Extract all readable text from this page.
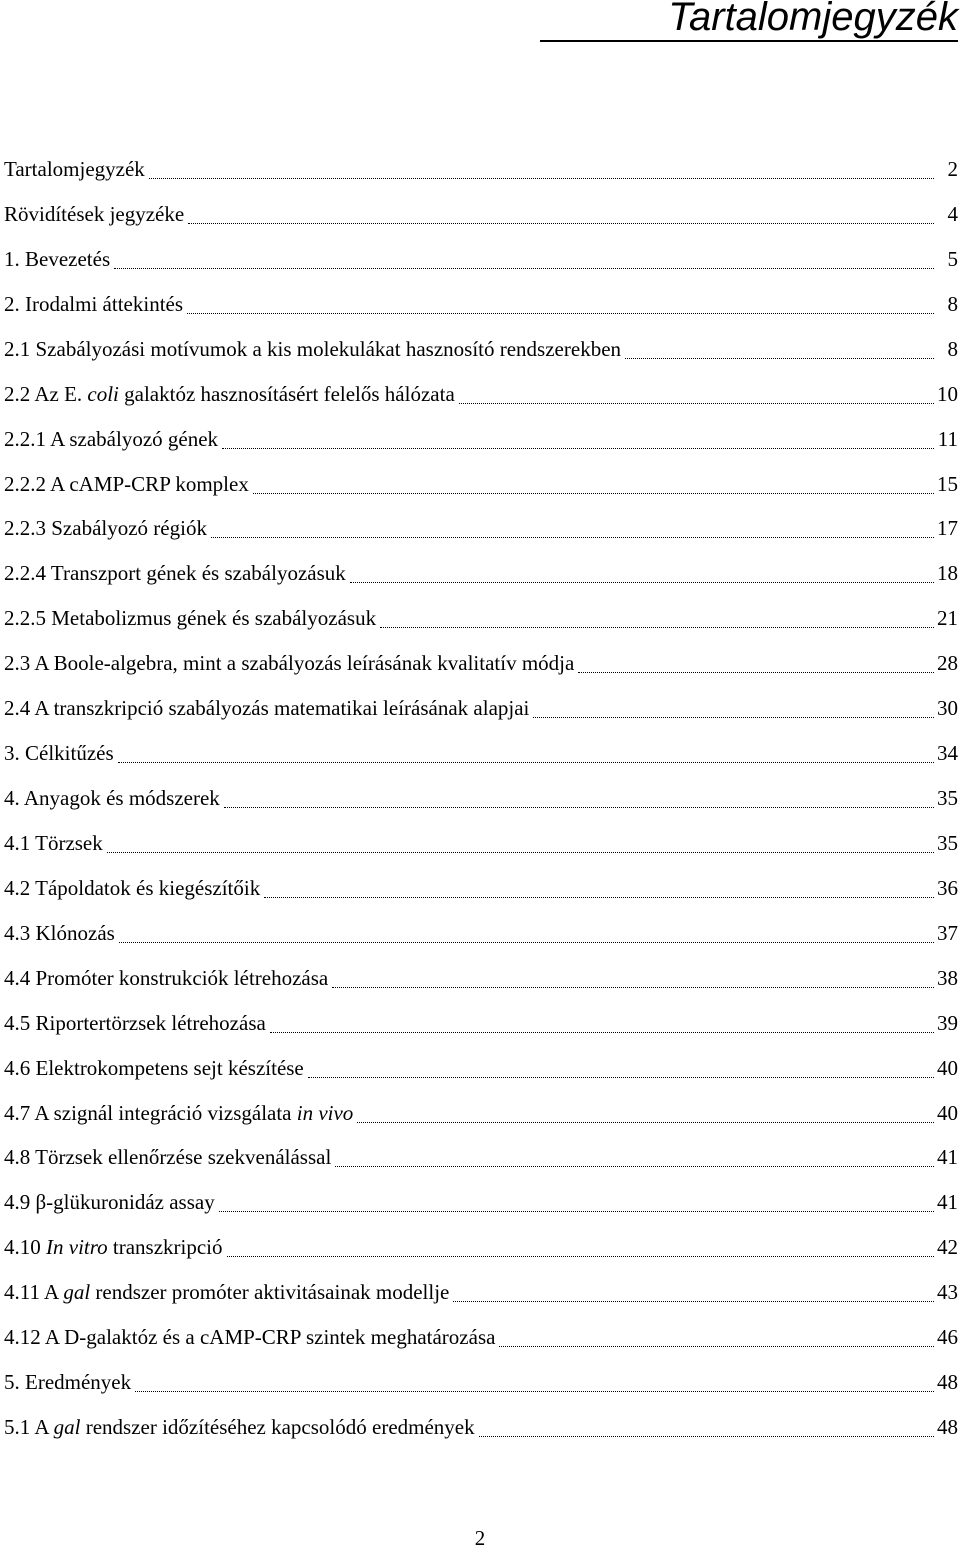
Tartalomjegyzék
Tartalomjegyzék	2
Rövidítések jegyzéke	4
1. Bevezetés	5
2. Irodalmi áttekintés	8
2.1 Szabályozási motívumok a kis molekulákat hasznosító rendszerekben	8
2.2 Az E. coli galaktóz hasznosításért felelős hálózata	10
2.2.1 A szabályozó gének	11
2.2.2 A cAMP-CRP komplex	15
2.2.3 Szabályozó régiók	17
2.2.4 Transzport gének és szabályozásuk	18
2.2.5 Metabolizmus gének és szabályozásuk	21
2.3 A Boole-algebra, mint a szabályozás leírásának kvalitatív módja	28
2.4 A transzkripció szabályozás matematikai leírásának alapjai	30
3. Célkitűzés	34
4. Anyagok és módszerek	35
4.1 Törzsek	35
4.2 Tápoldatok és kiegészítőik	36
4.3 Klónozás	37
4.4 Promóter konstrukciók létrehozása	38
4.5 Riportertörzsek létrehozása	39
4.6 Elektrokompetens sejt készítése	40
4.7 A szignál integráció vizsgálata in vivo	40
4.8 Törzsek ellenőrzése szekvenálással	41
4.9 β-glükuronidáz assay	41
4.10 In vitro transzkripció	42
4.11 A gal rendszer promóter aktivitásainak modellje	43
4.12 A D-galaktóz és a cAMP-CRP szintek meghatározása	46
5. Eredmények	48
5.1 A gal rendszer időzítéséhez kapcsolódó eredmények	48
2
